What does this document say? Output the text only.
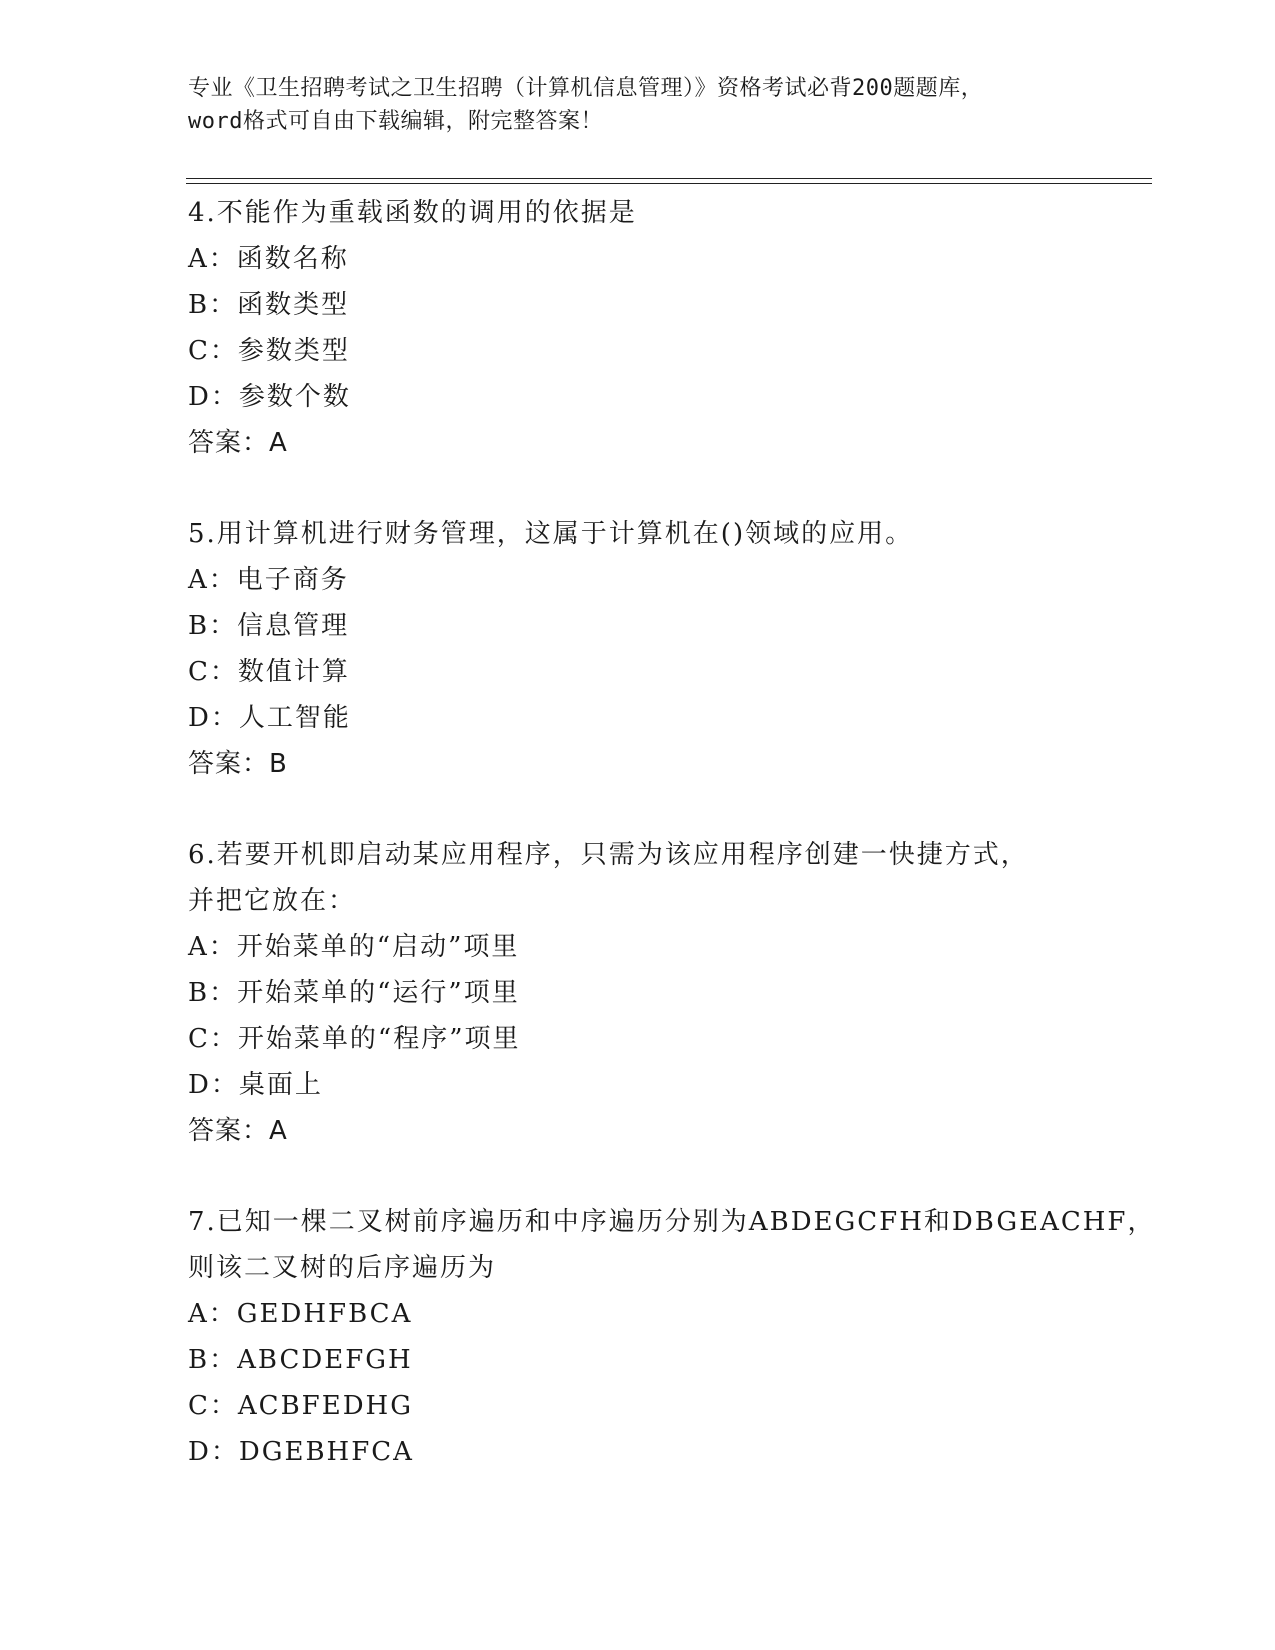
专业《卫生招聘考试之卫生招聘（计算机信息管理）》资格考试必背200题题库，
word格式可自由下载编辑，附完整答案！
4.不能作为重载函数的调用的依据是
A：函数名称
B：函数类型
C：参数类型
D：参数个数
答案：A
5.用计算机进行财务管理，这属于计算机在()领域的应用。
A：电子商务
B：信息管理
C：数值计算
D：人工智能
答案：B
6.若要开机即启动某应用程序，只需为该应用程序创建一快捷方式，
并把它放在：
A：开始菜单的“启动”项里
B：开始菜单的“运行”项里
C：开始菜单的“程序”项里
D：桌面上
答案：A
7.已知一棵二叉树前序遍历和中序遍历分别为ABDEGCFH和DBGEACHF，
则该二叉树的后序遍历为
A：GEDHFBCA
B：ABCDEFGH
C：ACBFEDHG
D：DGEBHFCA
